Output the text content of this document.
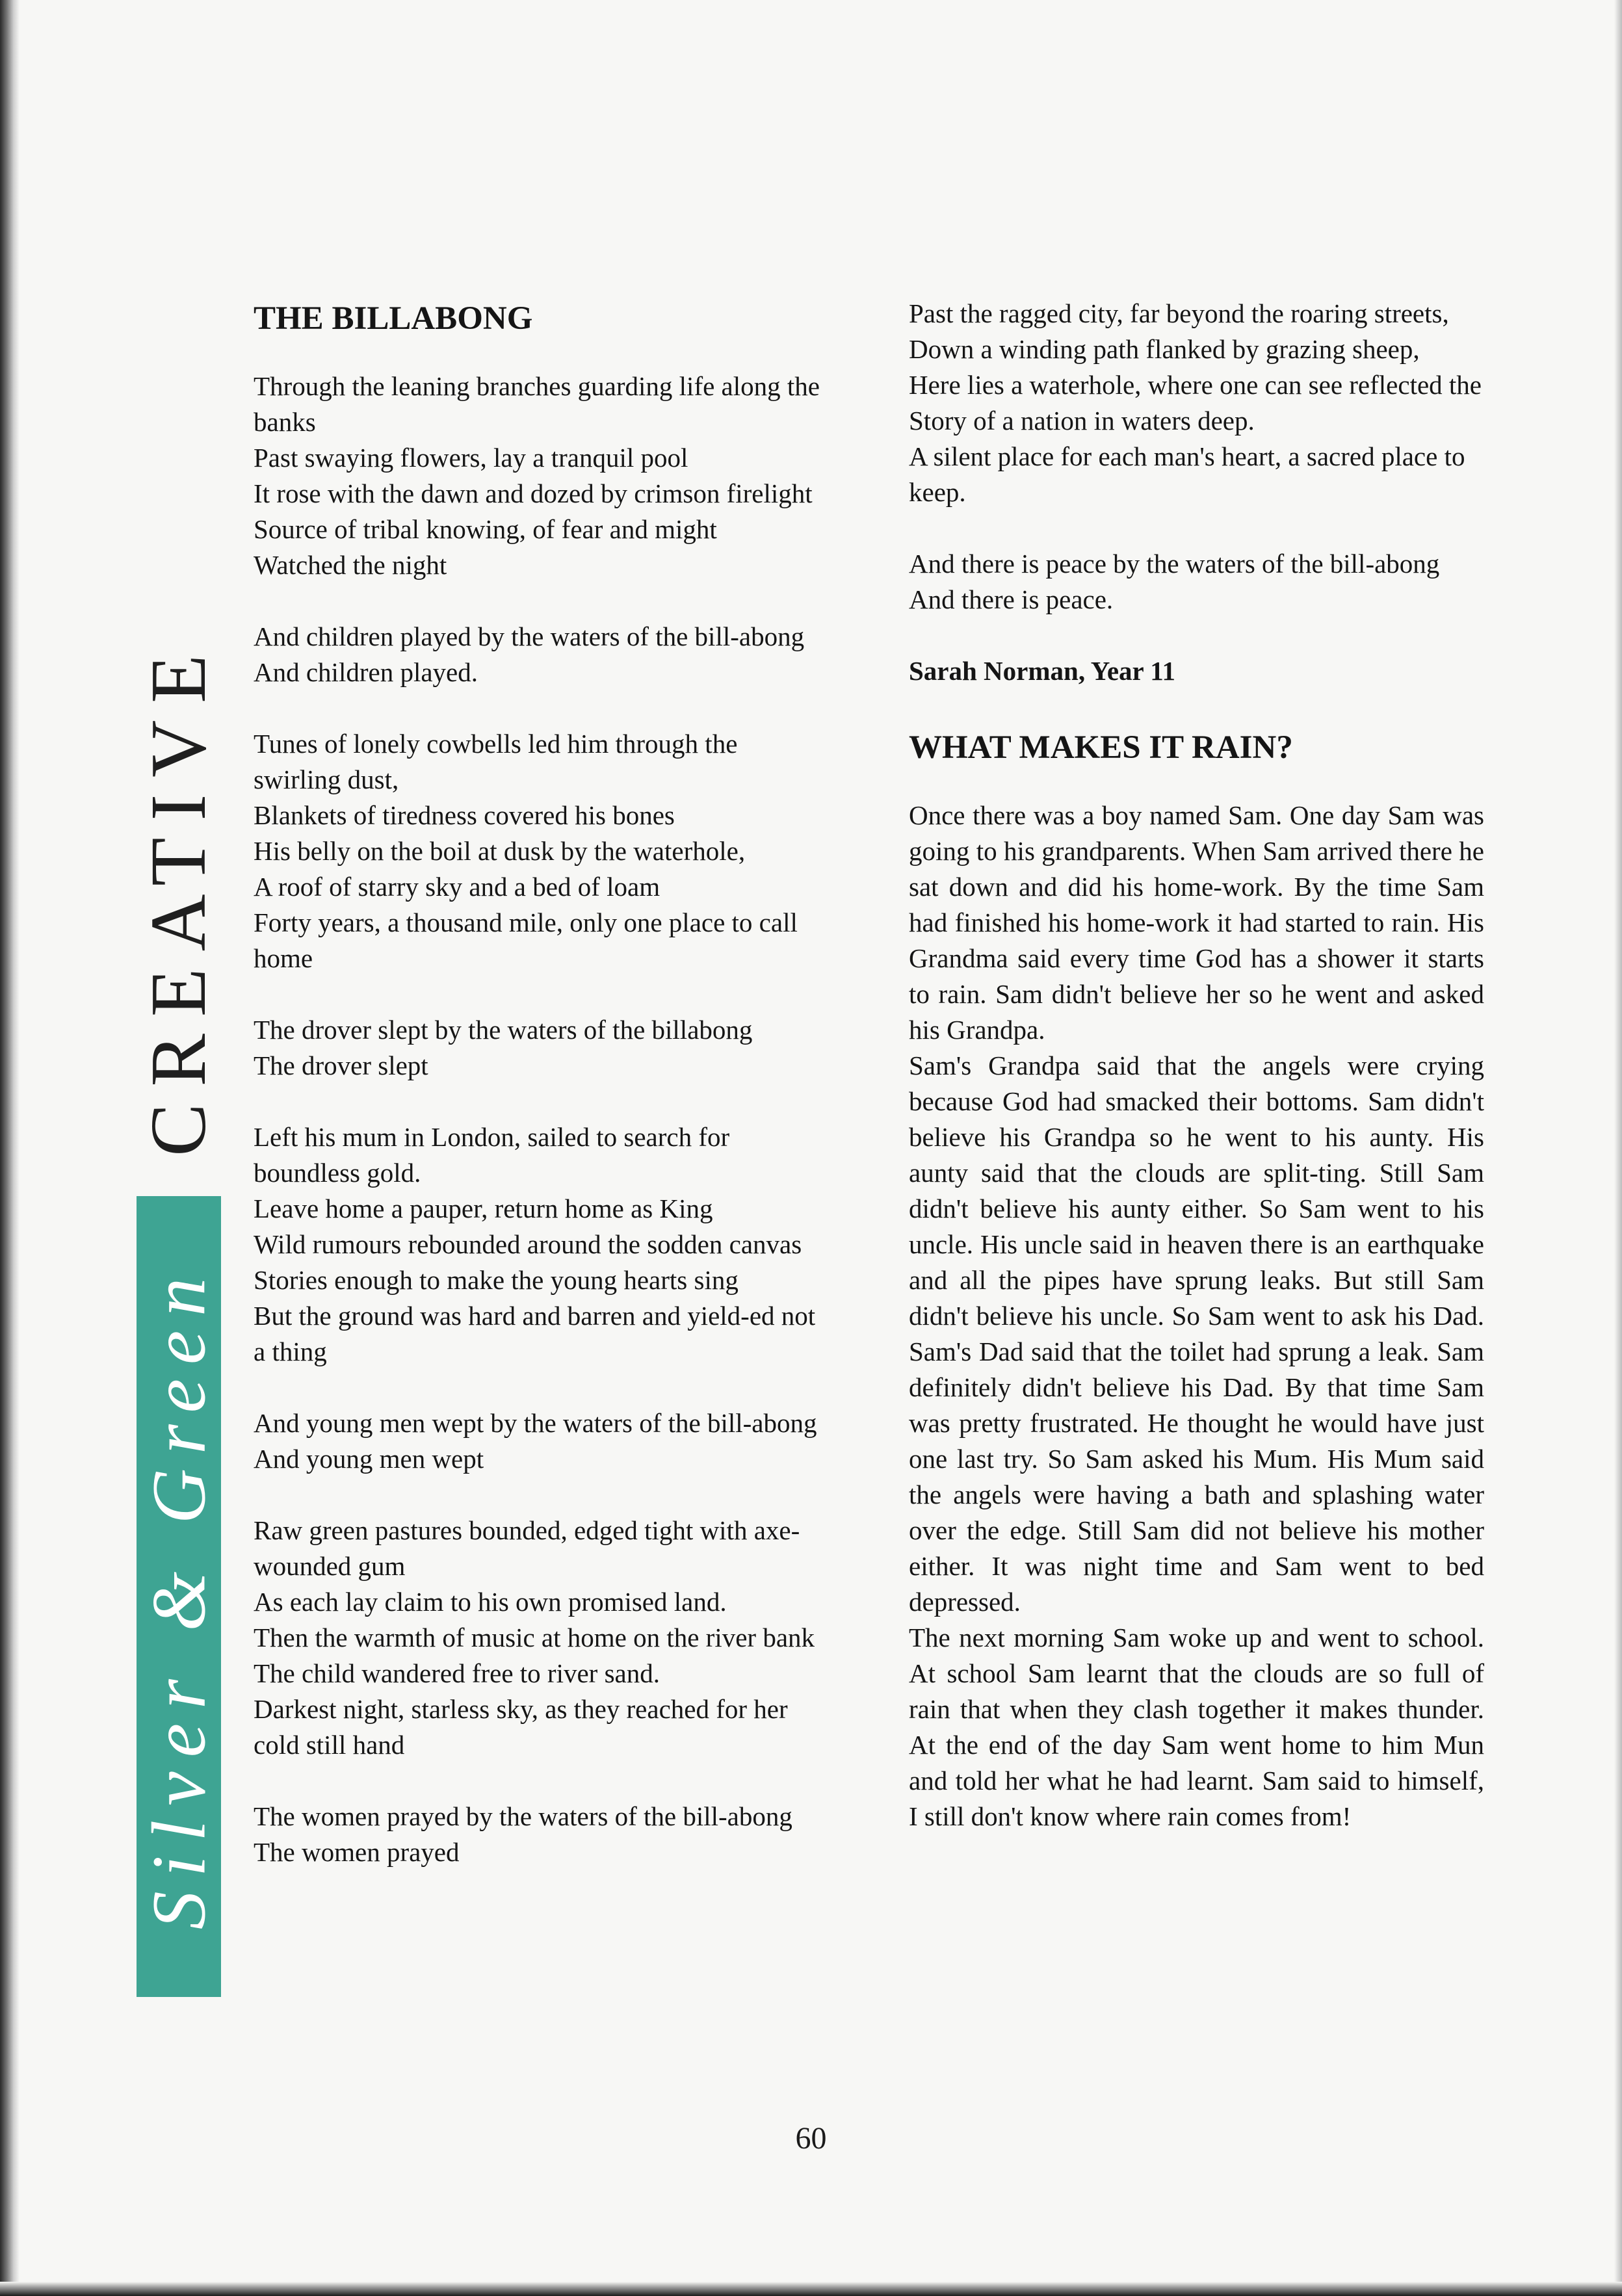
CREATIVE
Silver & Green

THE BILLABONG

Through the leaning branches guarding life along the banks
Past swaying flowers, lay a tranquil pool
It rose with the dawn and dozed by crimson firelight
Source of tribal knowing, of fear and might
Watched the night

And children played by the waters of the bill-abong
And children played.

Tunes of lonely cowbells led him through the swirling dust,
Blankets of tiredness covered his bones
His belly on the boil at dusk by the waterhole,
A roof of starry sky and a bed of loam
Forty years, a thousand mile, only one place to call home

The drover slept by the waters of the billabong
The drover slept

Left his mum in London, sailed to search for boundless gold.
Leave home a pauper, return home as King
Wild rumours rebounded around the sodden canvas
Stories enough to make the young hearts sing
But the ground was hard and barren and yield-ed not a thing

And young men wept by the waters of the bill-abong
And young men wept

Raw green pastures bounded, edged tight with axe-wounded gum
As each lay claim to his own promised land.
Then the warmth of music at home on the river bank
The child wandered free to river sand.
Darkest night, starless sky, as they reached for her cold still hand

The women prayed by the waters of the bill-abong
The women prayed

Past the ragged city, far beyond the roaring streets,
Down a winding path flanked by grazing sheep,
Here lies a waterhole, where one can see reflected the
Story of a nation in waters deep.
A silent place for each man's heart, a sacred place to keep.

And there is peace by the waters of the bill-abong
And there is peace.

Sarah Norman, Year 11

WHAT MAKES IT RAIN?

Once there was a boy named Sam. One day Sam was going to his grandparents. When Sam arrived there he sat down and did his home-work. By the time Sam had finished his home-work it had started to rain. His Grandma said every time God has a shower it starts to rain. Sam didn't believe her so he went and asked his Grandpa.

Sam's Grandpa said that the angels were crying because God had smacked their bottoms. Sam didn't believe his Grandpa so he went to his aunty. His aunty said that the clouds are split-ting. Still Sam didn't believe his aunty either. So Sam went to his uncle. His uncle said in heaven there is an earthquake and all the pipes have sprung leaks. But still Sam didn't believe his uncle. So Sam went to ask his Dad. Sam's Dad said that the toilet had sprung a leak. Sam definitely didn't believe his Dad. By that time Sam was pretty frustrated. He thought he would have just one last try. So Sam asked his Mum. His Mum said the angels were having a bath and splashing water over the edge. Still Sam did not believe his mother either. It was night time and Sam went to bed depressed.

The next morning Sam woke up and went to school. At school Sam learnt that the clouds are so full of rain that when they clash together it makes thunder. At the end of the day Sam went home to him Mun and told her what he had learnt. Sam said to himself, I still don't know where rain comes from!

60
